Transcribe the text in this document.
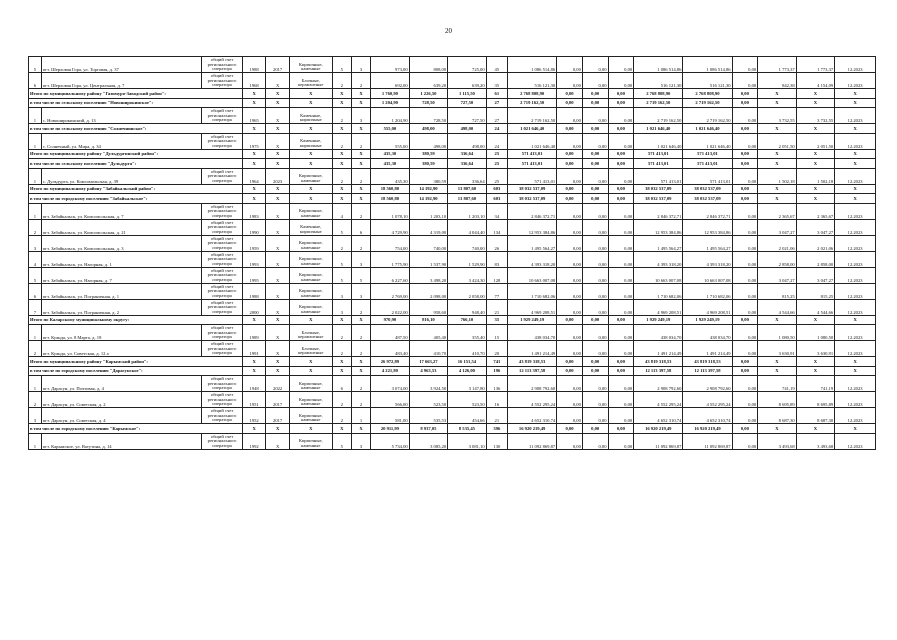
20
5	пгт. Шерловая Гора, ул. Торговая, д. 37	общий счет регионального оператора	1988	2017	Кирпичные, каменные	5	3	973,00	808,00	725,00	45	1 086 514,86	0,00	0,00	0,00	1 086 514,86	1 086 514,86	0,00	1 773,37	1 773,37	12.2023
6	пгт. Шерловая Гора, ул. Центральная, д. 7	общий счет регионального оператора	1968	X	Блочные, керамзитные	2	2	692,00	639,20	639,20	35	516 121,30	0,00	0,00	0,00	516 121,30	516 121,30	0,00	842,38	4 154,09	12.2023
Итого по муниципальному району "Газимуро-Заводский район":			X	X	X	X	X	1 760,90	1 226,50	1 115,50	61	2 768 808,90	0,00	0,00	0,00	2 768 808,90	2 768 808,90	0,00	X	X	X
в том числе по сельскому поселению "Новоширокинское":			X	X	X	X	X	1 204,90	728,50	727,50	27	2 719 162,50	0,00	0,00	0,00	2 719 162,50	2 719 162,50	0,00	X	X	X
1	с. Новоширокинский, д. 13	общий счет регионального оператора	1965	X	Каменные, кирпичные	2	3	1 204,90	728,50	727,50	27	2 719 162,50	0,00	0,00	0,00	2 719 162,50	2 719 162,50	0,00	3 732,55	3 732,55	12.2023
в том числе по сельскому поселению "Солнечнинское":			X	X	X	X	X	555,00	498,00	498,00	24	1 021 646,40	0,00	0,00	0,00	1 021 646,40	1 021 646,40	0,00	X	X	X
1	с. Солнечный, ул. Мира, д. 34	общий счет регионального оператора	1975	X	Каменные, кирпичные	2	2	555,00	498,00	498,00	24	1 021 646,40	0,00	0,00	0,00	1 021 646,40	1 021 646,40	0,00	2 051,50	2 051,50	12.2023
Итого по муниципальному району "Дульдургинский район":			X	X	X	X	X	435,30	380,59	336,64	25	571 413,01	0,00	0,00	0,00	571 413,01	571 413,01	0,00	X	X	X
в том числе по сельскому поселению "Дульдурга":			X	X	X	X	X	435,30	380,59	336,64	25	571 413,01	0,00	0,00	0,00	571 413,01	571 413,01	0,00	X	X	X
1	с. Дульдурга, ул. Комсомольская, д. 39	общий счет регионального оператора	1964	2023	Кирпичные, каменные	2	2	435,30	380,59	336,64	25	571 413,01	0,00	0,00	0,00	571 413,01	571 413,01	0,00	1 502,18	1 502,18	12.2023
Итого по муниципальному району "Забайкальский район":			X	X	X	X	X	18 560,80	14 192,90	13 807,60	603	38 032 537,09	0,00	0,00	0,00	38 032 537,09	38 032 537,09	0,00	X	X	X
в том числе по городскому поселению "Забайкальское":			X	X	X	X	X	18 560,80	14 192,90	13 807,60	603	38 032 537,09	0,00	0,00	0,00	38 032 537,09	38 032 537,09	0,00	X	X	X
1	пгт. Забайкальск, ул. Комсомольская, д. 7	общий счет регионального оператора	1983	X	Кирпичные, каменные	4	2	1 078,10	1 203,10	1 203,10	34	2 846 372,71	0,00	0,00	0,00	2 846 372,71	2 846 372,71	0,00	2 365,67	2 365,67	12.2023
2	пгт. Забайкальск, ул. Комсомольская, д. 21	общий счет регионального оператора	1990	X	Каменные, кирпичные	5	6	4 729,90	4 319,00	4 044,40	134	12 953 384,86	0,00	0,00	0,00	12 953 384,86	12 953 384,86	0,00	3 047,27	3 047,27	12.2023
3	пгт. Забайкальск, ул. Комсомольская, д. 3	общий счет регионального оператора	1959	X	Кирпичные, каменные	2	2	754,00	740,00	740,00	26	1 495 564,27	0,00	0,00	0,00	1 495 564,27	1 495 564,27	0,00	2 021,06	2 021,06	12.2023
4	пгт. Забайкальск, ул. Нагорная, д. 1	общий счет регионального оператора	1993	X	Кирпичные, каменные	5	3	1 775,90	1 537,90	1 529,90	83	4 393 318,20	0,00	0,00	0,00	4 393 318,20	4 393 318,20	0,00	2 858,00	2 858,00	12.2023
5	пгт. Забайкальск, ул. Нагорная, д. 7	общий счет регионального оператора	1995	X	Кирпичные, каменные	5	5	6 227,60	3 498,20	3 424,30	128	10 663 007,08	0,00	0,00	0,00	10 663 007,08	10 663 007,08	0,00	3 047,27	3 047,27	12.2023
6	пгт. Забайкальск, ул. Пограничная, д. 1	общий счет регионального оператора	1988	X	Кирпичные, каменные	3	3	2 769,00	2 098,00	2 058,00	77	1 710 682,06	0,00	0,00	0,00	1 710 682,06	1 710 682,06	0,00	815,25	815,25	12.2023
7	пгт. Забайкальск, ул. Пограничная, д. 2	общий счет регионального оператора	2000	X	Кирпичные, каменные	3	2	2 022,00	958,60	948,40	21	4 969 208,51	0,00	0,00	0,00	4 969 208,51	4 969 208,51	0,00	4 544,66	4 544,66	12.2023
Итого по Каларскому муниципальному округу:			X	X	X	X	X	970,90	816,10	766,10	35	1 929 249,19	0,00	0,00	0,00	1 929 249,19	1 929 249,19	0,00	X	X	X
1	пгт. Куанда, ул. 8 Марта, д. 18	общий счет регионального оператора	1989	X	Блочные, керамзитные	2	2	487,50	405,40	355,40	15	438 034,70	0,00	0,00	0,00	438 034,70	438 034,70	0,00	1 080,50	1 080,50	12.2023
2	пгт. Куанда, ул. Советская, д. 12 а	общий счет регионального оператора	1991	X	Блочные, керамзитные	2	2	483,40	410,70	410,70	20	1 491 214,49	0,00	0,00	0,00	1 491 214,49	1 491 214,49	0,00	3 630,91	3 630,91	12.2023
Итого по муниципальному району "Карымский район":			X	X	X	X	X	26 972,89	17 663,27	16 151,54	741	43 819 318,53	0,00	0,00	0,00	43 819 318,53	43 819 318,53	0,00	X	X	X
в том числе по городскому поселению "Дарасунское":			X	X	X	X	X	4 221,80	4 963,53	4 126,00	196	12 113 397,58	0,00	0,00	0,00	12 113 397,58	12 113 397,58	0,00	X	X	X
1	пгт. Дарасун, ул. Почтовая, д. 4	общий счет регионального оператора	1948	2022	Кирпичные, каменные	6	2	3 074,00	3 924,50	3 147,80	136	2 908 792,60	0,00	0,00	0,00	2 908 792,60	2 908 792,60	0,00	741,19	741,19	12.2023
2	пгт. Дарасун, ул. Советская, д. 2	общий счет регионального оператора	1951	2017	Кирпичные, каменные	2	2	566,00	523,50	523,50	16	4 552 295,24	0,00	0,00	0,00	4 552 295,24	4 552 295,24	0,00	8 695,89	8 695,89	12.2023
3	пгт. Дарасун, ул. Советская, д. 4	общий счет регионального оператора	1952	2017	Кирпичные, каменные	2	1	581,00	535,53	454,66	21	4 652 310,74	0,00	0,00	0,00	4 652 310,74	4 652 310,74	0,00	8 687,30	8 687,30	12.2023
в том числе по городскому поселению "Карымское":			X	X	X	X	X	20 911,99	8 937,05	8 535,45	396	16 920 219,49	0,00	0,00	0,00	16 920 219,49	16 920 219,49	0,00	X	X	X
1	пгт. Карымское, ул. Ватутина, д. 14	общий счет регионального оператора	1992	X	Кирпичные, каменные	5	3	5 734,00	3 085,20	3 081,10	130	11 092 869,87	0,00	0,00	0,00	11 092 869,87	11 092 869,87	0,00	3 493,68	3 493,68	12.2023
